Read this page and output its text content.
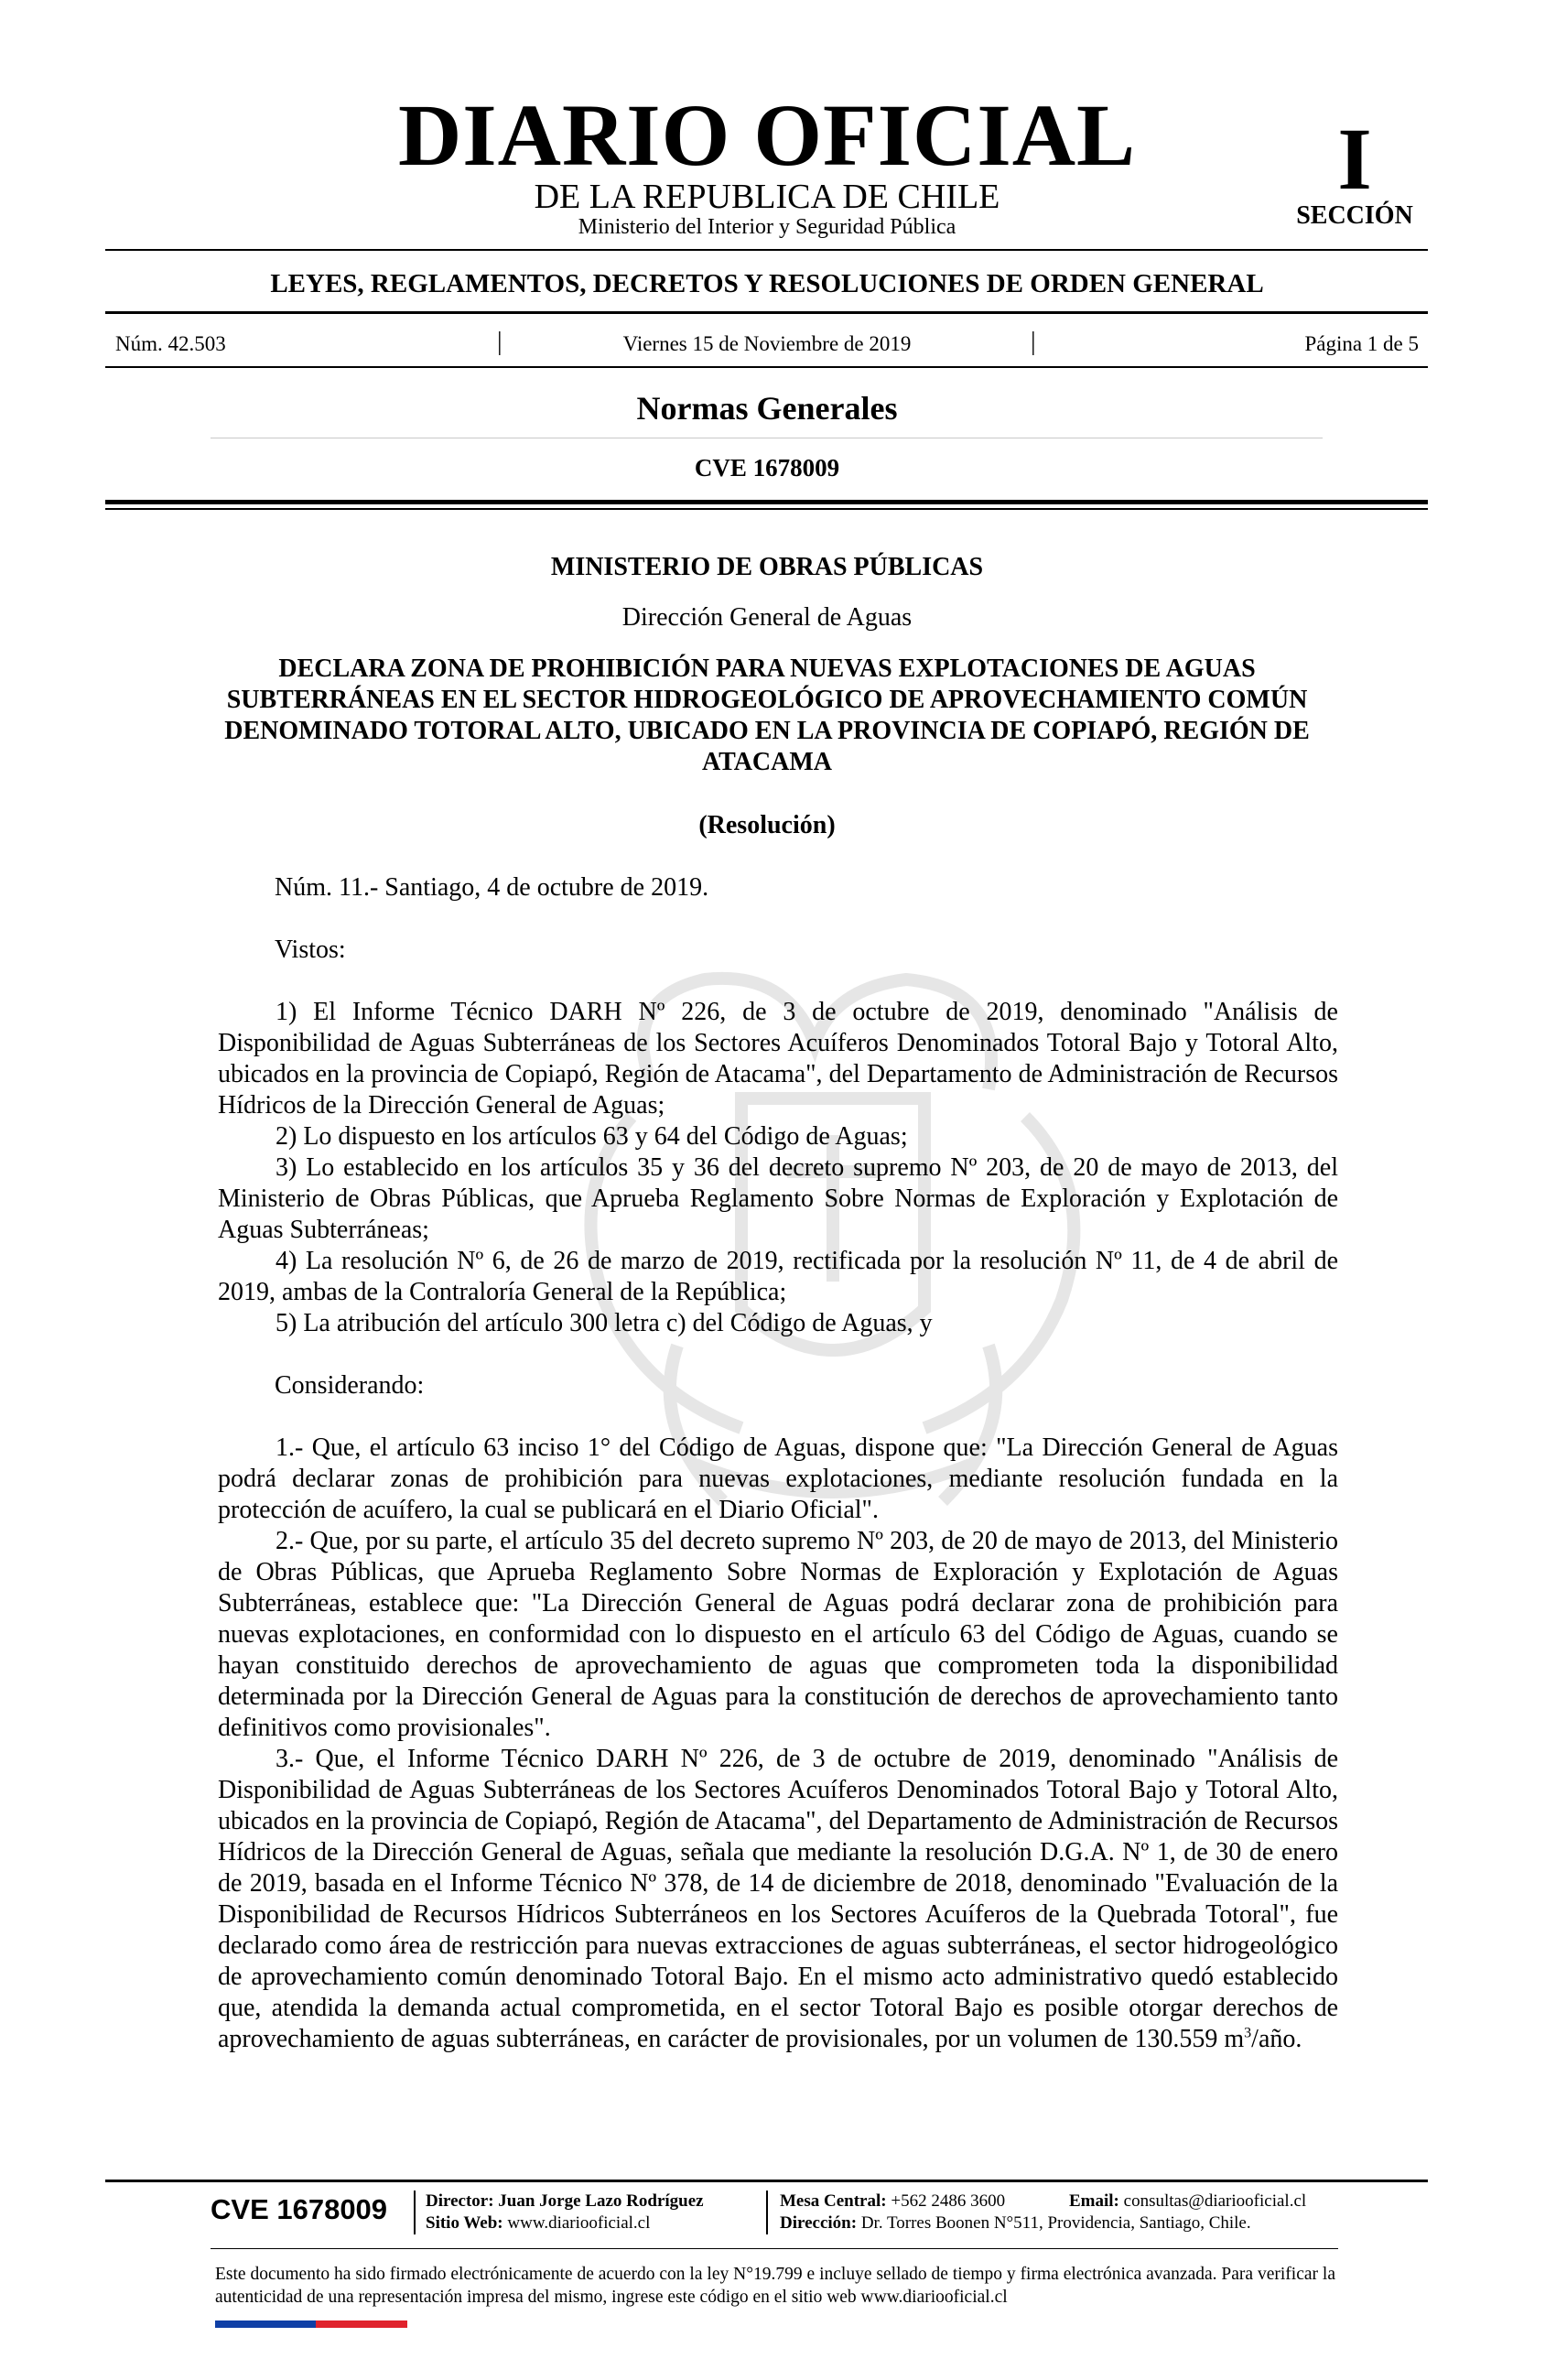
DIARIO OFICIAL
DE LA REPUBLICA DE CHILE
Ministerio del Interior y Seguridad Pública
I
SECCIÓN
LEYES, REGLAMENTOS, DECRETOS Y RESOLUCIONES DE ORDEN GENERAL
Núm. 42.503	|	Viernes 15 de Noviembre de 2019	|	Página 1 de 5
Normas Generales
CVE 1678009
MINISTERIO DE OBRAS PÚBLICAS
Dirección General de Aguas
DECLARA ZONA DE PROHIBICIÓN PARA NUEVAS EXPLOTACIONES DE AGUAS SUBTERRÁNEAS EN EL SECTOR HIDROGEOLÓGICO DE APROVECHAMIENTO COMÚN DENOMINADO TOTORAL ALTO, UBICADO EN LA PROVINCIA DE COPIAPÓ, REGIÓN DE ATACAMA
(Resolución)

Núm. 11.- Santiago, 4 de octubre de 2019.

Vistos:

1) El Informe Técnico DARH Nº 226, de 3 de octubre de 2019, denominado "Análisis de Disponibilidad de Aguas Subterráneas de los Sectores Acuíferos Denominados Totoral Bajo y Totoral Alto, ubicados en la provincia de Copiapó, Región de Atacama", del Departamento de Administración de Recursos Hídricos de la Dirección General de Aguas;

2) Lo dispuesto en los artículos 63 y 64 del Código de Aguas;

3) Lo establecido en los artículos 35 y 36 del decreto supremo Nº 203, de 20 de mayo de 2013, del Ministerio de Obras Públicas, que Aprueba Reglamento Sobre Normas de Exploración y Explotación de Aguas Subterráneas;

4) La resolución Nº 6, de 26 de marzo de 2019, rectificada por la resolución Nº 11, de 4 de abril de 2019, ambas de la Contraloría General de la República;

5) La atribución del artículo 300 letra c) del Código de Aguas, y

Considerando:

1.- Que, el artículo 63 inciso 1° del Código de Aguas, dispone que: "La Dirección General de Aguas podrá declarar zonas de prohibición para nuevas explotaciones, mediante resolución fundada en la protección de acuífero, la cual se publicará en el Diario Oficial".

2.- Que, por su parte, el artículo 35 del decreto supremo Nº 203, de 20 de mayo de 2013, del Ministerio de Obras Públicas, que Aprueba Reglamento Sobre Normas de Exploración y Explotación de Aguas Subterráneas, establece que: "La Dirección General de Aguas podrá declarar zona de prohibición para nuevas explotaciones, en conformidad con lo dispuesto en el artículo 63 del Código de Aguas, cuando se hayan constituido derechos de aprovechamiento de aguas que comprometen toda la disponibilidad determinada por la Dirección General de Aguas para la constitución de derechos de aprovechamiento tanto definitivos como provisionales".

3.- Que, el Informe Técnico DARH Nº 226, de 3 de octubre de 2019, denominado "Análisis de Disponibilidad de Aguas Subterráneas de los Sectores Acuíferos Denominados Totoral Bajo y Totoral Alto, ubicados en la provincia de Copiapó, Región de Atacama", del Departamento de Administración de Recursos Hídricos de la Dirección General de Aguas, señala que mediante la resolución D.G.A. Nº 1, de 30 de enero de 2019, basada en el Informe Técnico Nº 378, de 14 de diciembre de 2018, denominado "Evaluación de la Disponibilidad de Recursos Hídricos Subterráneos en los Sectores Acuíferos de la Quebrada Totoral", fue declarado como área de restricción para nuevas extracciones de aguas subterráneas, el sector hidrogeológico de aprovechamiento común denominado Totoral Bajo. En el mismo acto administrativo quedó establecido que, atendida la demanda actual comprometida, en el sector Totoral Bajo es posible otorgar derechos de aprovechamiento de aguas subterráneas, en carácter de provisionales, por un volumen de 130.559 $m^3$/año.

CVE 1678009 Director: Juan Jorge Lazo Rodríguez
Sitio Web: www.diariooficial.cl
Mesa Central: +562 2486 3600	Email: consultas@diariooficial.cl
Dirección: Dr. Torres Boonen N°511, Providencia, Santiago, Chile.
Este documento ha sido firmado electrónicamente de acuerdo con la ley N°19.799 e incluye sellado de tiempo y firma electrónica avanzada. Para verificar la autenticidad de una representación impresa del mismo, ingrese este código en el sitio web www.diariooficial.cl
